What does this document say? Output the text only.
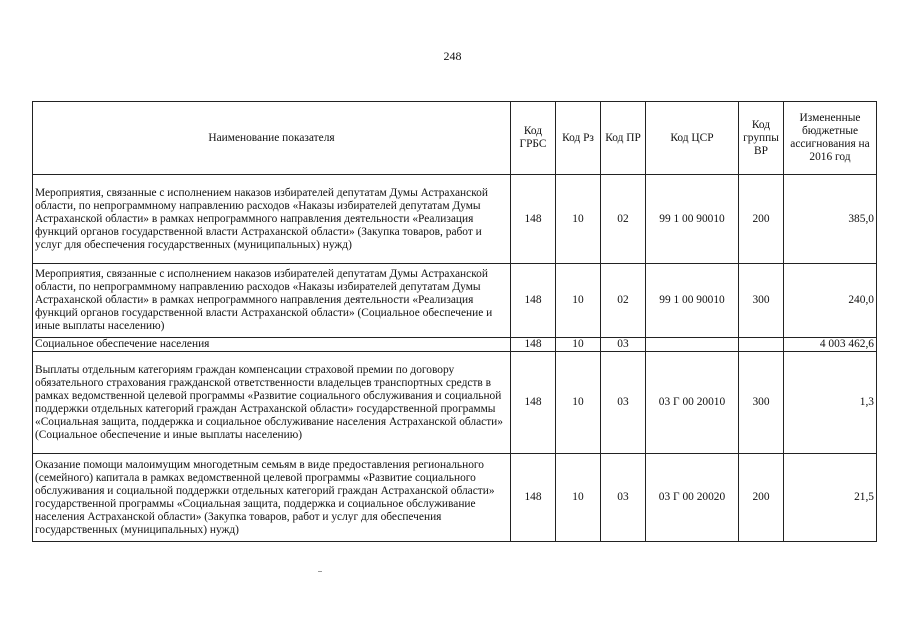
248
Наименование показателя	Код ГРБС	Код Рз	Код ПР	Код ЦСР	Код группы ВР	Измененные бюджетные ассигнования на 2016 год
Мероприятия, связанные с исполнением наказов избирателей депутатам Думы Астраханской области, по непрограммному направлению расходов «Наказы избирателей депутатам Думы Астраханской области» в рамках непрограммного направления деятельности «Реализация функций органов государственной власти Астраханской области» (Закупка товаров, работ и услуг для обеспечения государственных (муниципальных) нужд)	148	10	02	99 1 00 90010	200	385,0
Мероприятия, связанные с исполнением наказов избирателей депутатам Думы Астраханской области, по непрограммному направлению расходов «Наказы избирателей депутатам Думы Астраханской области» в рамках непрограммного направления деятельности «Реализация функций органов государственной власти Астраханской области» (Социальное обеспечение и иные выплаты населению)	148	10	02	99 1 00 90010	300	240,0
Социальное обеспечение населения	148	10	03			4 003 462,6
Выплаты отдельным категориям граждан компенсации страховой премии по договору обязательного страхования гражданской ответственности владельцев транспортных средств в рамках ведомственной целевой программы «Развитие социального обслуживания и социальной поддержки отдельных категорий граждан Астраханской области» государственной программы «Социальная защита, поддержка и социальное обслуживание населения Астраханской области» (Социальное обеспечение и иные выплаты населению)	148	10	03	03 Г 00 20010	300	1,3
Оказание помощи малоимущим многодетным семьям в виде предоставления регионального (семейного) капитала в рамках ведомственной целевой программы «Развитие социального обслуживания и социальной поддержки отдельных категорий граждан Астраханской области» государственной программы «Социальная защита, поддержка и социальное обслуживание населения Астраханской области» (Закупка товаров, работ и услуг для обеспечения государственных (муниципальных) нужд)	148	10	03	03 Г 00 20020	200	21,5
